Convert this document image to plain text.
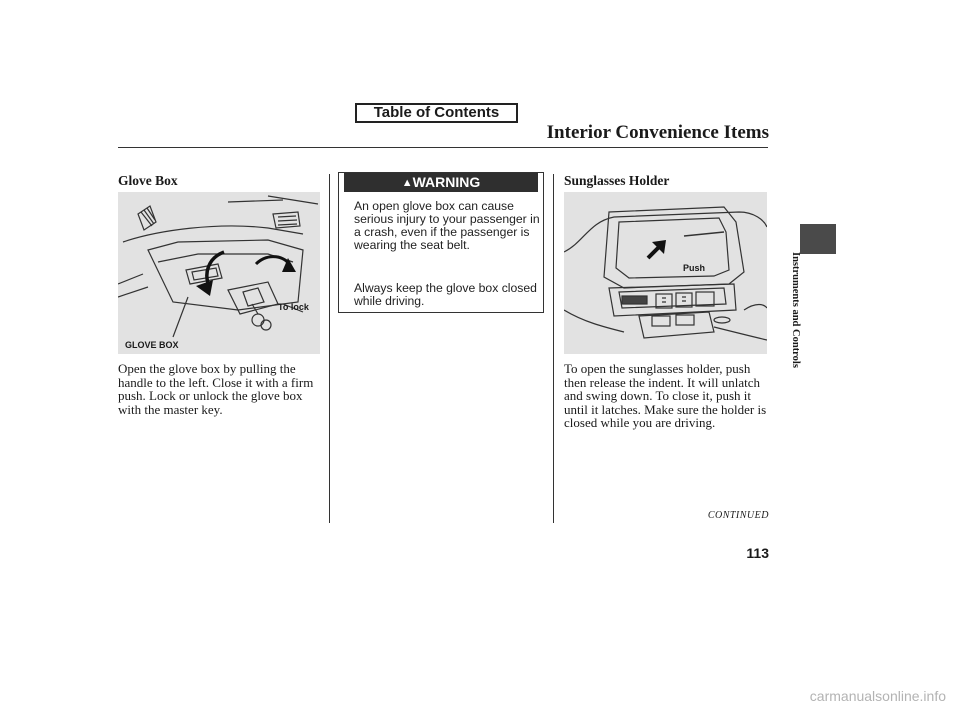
Table of Contents
Interior Convenience Items
Glove Box
To lock
GLOVE BOX
Open the glove box by pulling the handle to the left. Close it with a firm push. Lock or unlock the glove box with the master key.
▲WARNING
An open glove box can cause serious injury to your passenger in a crash, even if the passenger is wearing the seat belt.
Always keep the glove box closed while driving.
Sunglasses Holder
Push
To open the sunglasses holder, push then release the indent. It will unlatch and swing down. To close it, push it until it latches. Make sure the holder is closed while you are driving.
Instruments and Controls
CONTINUED
113
carmanualsonline.info
